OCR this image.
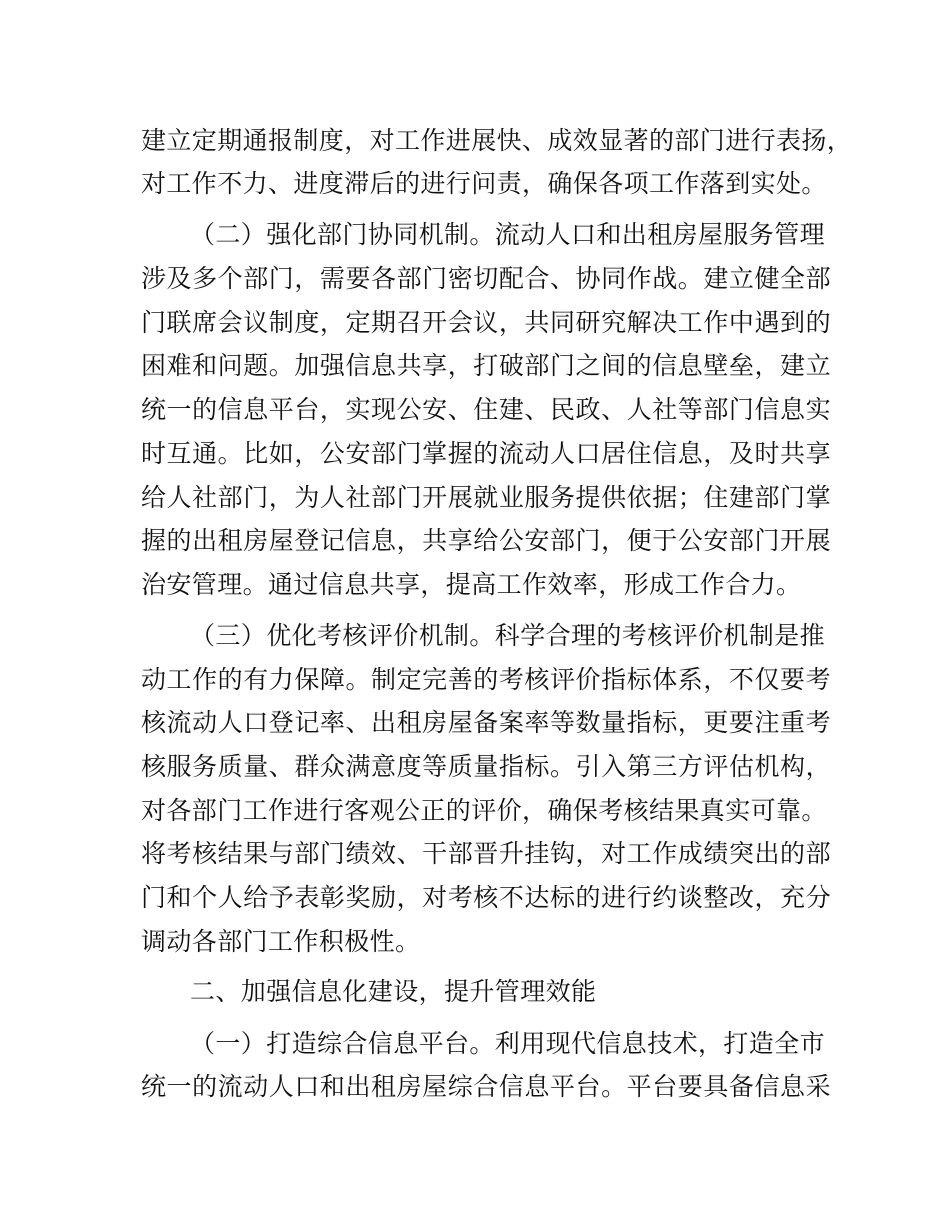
建立定期通报制度，对工作进展快、成效显著的部门进行表扬，
对工作不力、进度滞后的进行问责，确保各项工作落到实处。
（二）强化部门协同机制。流动人口和出租房屋服务管理
涉及多个部门，需要各部门密切配合、协同作战。建立健全部
门联席会议制度，定期召开会议，共同研究解决工作中遇到的
困难和问题。加强信息共享，打破部门之间的信息壁垒，建立
统一的信息平台，实现公安、住建、民政、人社等部门信息实
时互通。比如，公安部门掌握的流动人口居住信息，及时共享
给人社部门，为人社部门开展就业服务提供依据；住建部门掌
握的出租房屋登记信息，共享给公安部门，便于公安部门开展
治安管理。通过信息共享，提高工作效率，形成工作合力。
（三）优化考核评价机制。科学合理的考核评价机制是推
动工作的有力保障。制定完善的考核评价指标体系，不仅要考
核流动人口登记率、出租房屋备案率等数量指标，更要注重考
核服务质量、群众满意度等质量指标。引入第三方评估机构，
对各部门工作进行客观公正的评价，确保考核结果真实可靠。
将考核结果与部门绩效、干部晋升挂钩，对工作成绩突出的部
门和个人给予表彰奖励，对考核不达标的进行约谈整改，充分
调动各部门工作积极性。
二、加强信息化建设，提升管理效能
（一）打造综合信息平台。利用现代信息技术，打造全市
统一的流动人口和出租房屋综合信息平台。平台要具备信息采
